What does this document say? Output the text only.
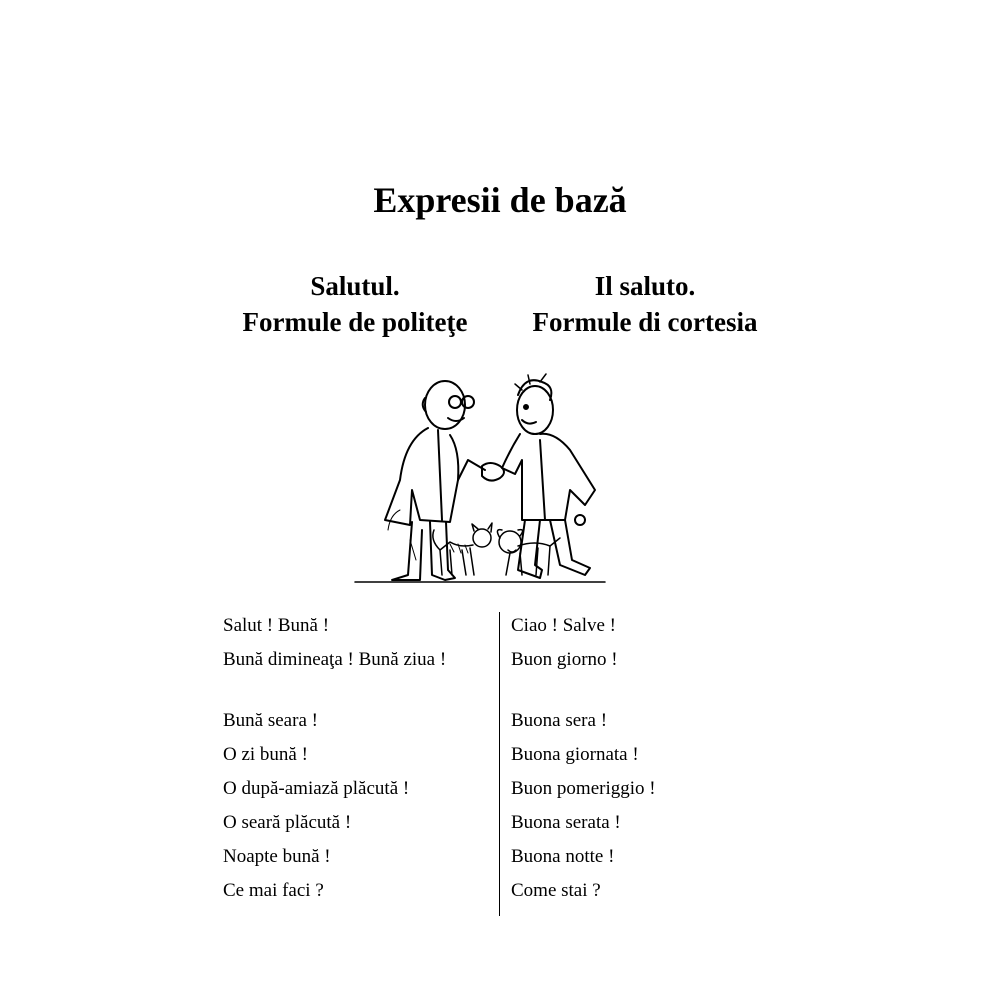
Expresii de bază
Salutul.
Formule de politeţe
Il saluto.
Formule di cortesia
Salut ! Bună !
Bună dimineaţa ! Bună ziua !
Bună seara !
O zi bună !
O după-amiază plăcută !
O seară plăcută !
Noapte bună !
Ce mai faci ?
Ciao ! Salve !
Buon giorno !
Buona sera !
Buona giornata !
Buon pomeriggio !
Buona serata !
Buona notte !
Come stai ?
